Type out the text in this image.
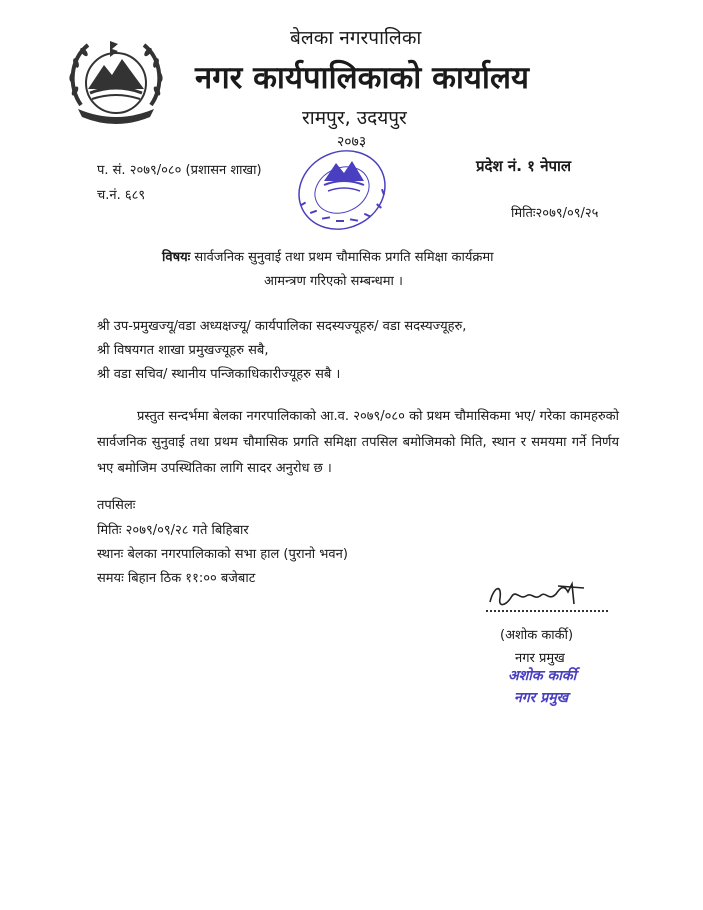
बेलका नगरपालिका
नगर कार्यपालिकाको कार्यालय
रामपुर, उदयपुर
२०७३
प. सं. २०७९/०८० (प्रशासन शाखा)
च.नं. ६८९
प्रदेश नं. १ नेपाल
मितिः२०७९/०९/२५
विषयः सार्वजनिक सुनुवाई तथा प्रथम चौमासिक प्रगति समिक्षा कार्यक्रमा
आमन्त्रण गरिएको सम्बन्धमा ।
श्री उप-प्रमुखज्यू/वडा अध्यक्षज्यू/ कार्यपालिका सदस्यज्यूहरु/ वडा सदस्यज्यूहरु,
श्री विषयगत शाखा प्रमुखज्यूहरु सबै,
श्री वडा सचिव/ स्थानीय पन्जिकाधिकारीज्यूहरु सबै ।
प्रस्तुत सन्दर्भमा बेलका नगरपालिकाको आ.व. २०७९/०८० को प्रथम चौमासिकमा भए/ गरेका कामहरुको सार्वजनिक सुनुवाई तथा प्रथम चौमासिक प्रगति समिक्षा तपसिल बमोजिमको मिति, स्थान र समयमा गर्ने निर्णय भए बमोजिम उपस्थितिका लागि सादर अनुरोध छ ।
तपसिलः
मितिः २०७९/०९/२८ गते बिहिबार
स्थानः बेलका नगरपालिकाको सभा हाल (पुरानो भवन)
समयः बिहान ठिक ११:०० बजेबाट
(अशोक कार्की)
नगर प्रमुख
अशोक कार्की
नगर प्रमुख
